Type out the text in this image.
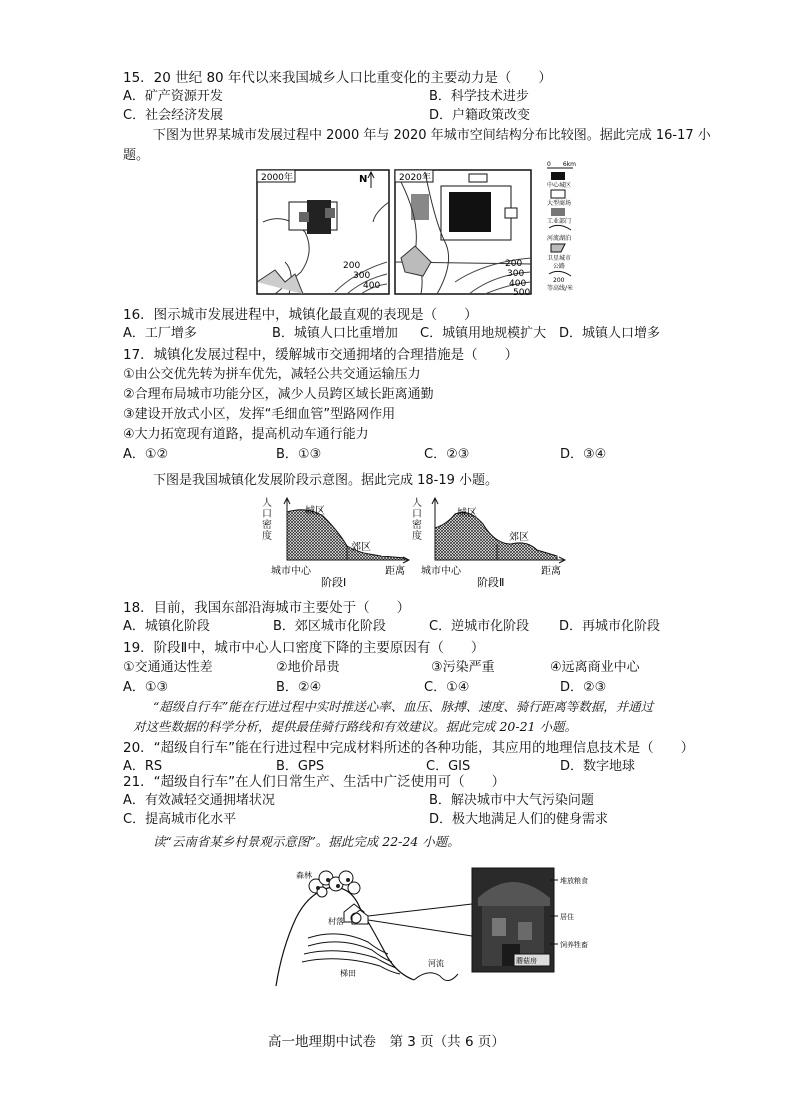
15．20 世纪 80 年代以来我国城乡人口比重变化的主要动力是（　　）
A．矿产资源开发	B．科学技术进步
C．社会经济发展	D．户籍政策改变
下图为世界某城市发展过程中 2000 年与 2020 年城市空间结构分布比较图。据此完成 16-17 小
题。
2000年	N
200
300
400
2020年
200
300
400
500
0　　6km
中心城区
大型商场
工业部门
河流湖泊
卫星城市
公路
200
等高线/米
16．图示城市发展进程中，城镇化最直观的表现是（　　）
A．工厂增多	B．城镇人口比重增加 C．城镇用地规模扩大 D．城镇人口增多
17．城镇化发展过程中，缓解城市交通拥堵的合理措施是（　　）
①由公交优先转为拼车优先，减轻公共交通运输压力
②合理布局城市功能分区，减少人员跨区域长距离通勤
③建设开放式小区，发挥“毛细血管”型路网作用
④大力拓宽现有道路，提高机动车通行能力
A．①②	B．①③	C．②③	D．③④
下图是我国城镇化发展阶段示意图。据此完成 18-19 小题。
城区
郊区
城市中心	距离
阶段Ⅰ
城区
郊区
城市中心	距离
阶段Ⅱ
人口密度
人口密度
18．目前，我国东部沿海城市主要处于（　　）
A．城镇化阶段	B．郊区城市化阶段	C．逆城市化阶段 D．再城市化阶段
19．阶段Ⅱ中，城市中心人口密度下降的主要原因有（　　）
①交通通达性差	②地价昂贵	③污染严重	④远离商业中心
A．①③	B．②④	C．①④	D．②③
“超级自行车”能在行进过程中实时推送心率、血压、脉搏、速度、骑行距离等数据，并通过
对这些数据的科学分析，提供最佳骑行路线和有效建议。据此完成 20-21 小题。
20．“超级自行车”能在行进过程中完成材料所述的各种功能，其应用的地理信息技术是（　　）
A．RS	B．GPS	C．GIS	D．数字地球
21．“超级自行车”在人们日常生产、生活中广泛使用可（　　）
A．有效减轻交通拥堵状况	B．解决城市中大气污染问题
C．提高城市化水平	D．极大地满足人们的健身需求
读“云南省某乡村景观示意图”。据此完成 22-24 小题。
森林
村落
梯田
河流	蘑菇房
堆放粮食
居住
饲养牲畜
高一地理期中试卷　第 3 页（共 6 页）
